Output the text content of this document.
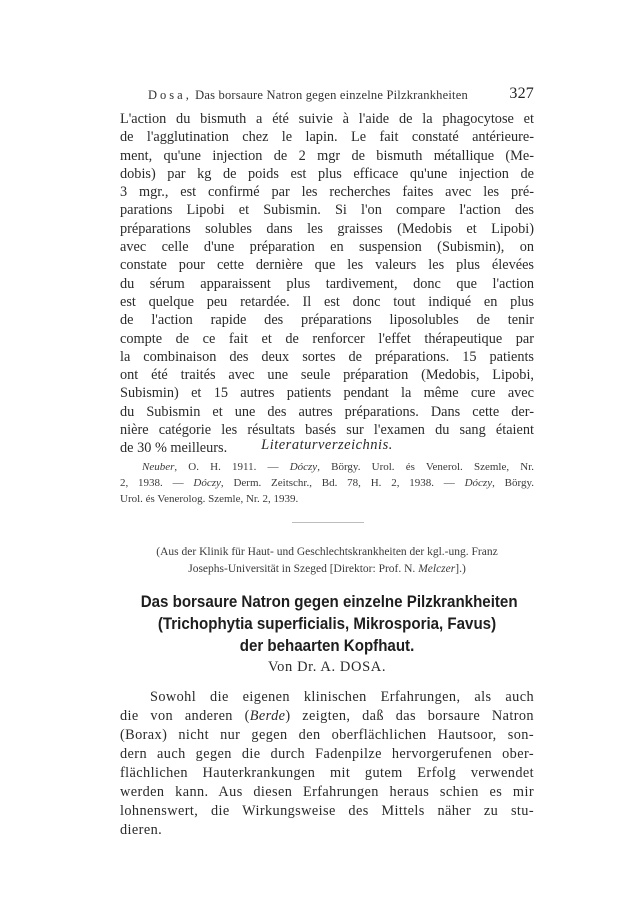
Dosa, Das borsaure Natron gegen einzelne Pilzkrankheiten	327

L'action du bismuth a été suivie à l'aide de la phagocytose et
de l'agglutination chez le lapin. Le fait constaté antérieure-
ment, qu'une injection de 2 mgr de bismuth métallique (Me-
dobis) par kg de poids est plus efficace qu'une injection de
3 mgr., est confirmé par les recherches faites avec les pré-
parations Lipobi et Subismin. Si l'on compare l'action des
préparations solubles dans les graisses (Medobis et Lipobi)
avec celle d'une préparation en suspension (Subismin), on
constate pour cette dernière que les valeurs les plus élevées
du sérum apparaissent plus tardivement, donc que l'action
est quelque peu retardée. Il est donc tout indiqué en plus
de l'action rapide des préparations liposolubles de tenir
compte de ce fait et de renforcer l'effet thérapeutique par
la combinaison des deux sortes de préparations. 15 patients
ont été traités avec une seule préparation (Medobis, Lipobi,
Subismin) et 15 autres patients pendant la même cure avec
du Subismin et une des autres préparations. Dans cette der-
nière catégorie les résultats basés sur l'examen du sang étaient
de 30 % meilleurs.	Literaturverzeichnis.
Neuber, O. H. 1911. — Dóczy, Börgy. Urol. és Venerol. Szemle, Nr.
2, 1938. — Dóczy, Derm. Zeitschr., Bd. 78, H. 2, 1938. — Dóczy, Börgy.
Urol. és Venerolog. Szemle, Nr. 2, 1939.
(Aus der Klinik für Haut- und Geschlechtskrankheiten der kgl.-ung. Franz
Josephs-Universität in Szeged [Direktor: Prof. N. Melczer].)
Das borsaure Natron gegen einzelne Pilzkrankheiten
(Trichophytia superficialis, Mikrosporia, Favus)
der behaarten Kopfhaut.
Von Dr. A. DOSA.

Sowohl die eigenen klinischen Erfahrungen, als auch
die von anderen (Berde) zeigten, daß das borsaure Natron
(Borax) nicht nur gegen den oberflächlichen Hautsoor, son-
dern auch gegen die durch Fadenpilze hervorgerufenen ober-
flächlichen Hauterkrankungen mit gutem Erfolg verwendet
werden kann. Aus diesen Erfahrungen heraus schien es mir
lohnenswert, die Wirkungsweise des Mittels näher zu stu-
dieren.
